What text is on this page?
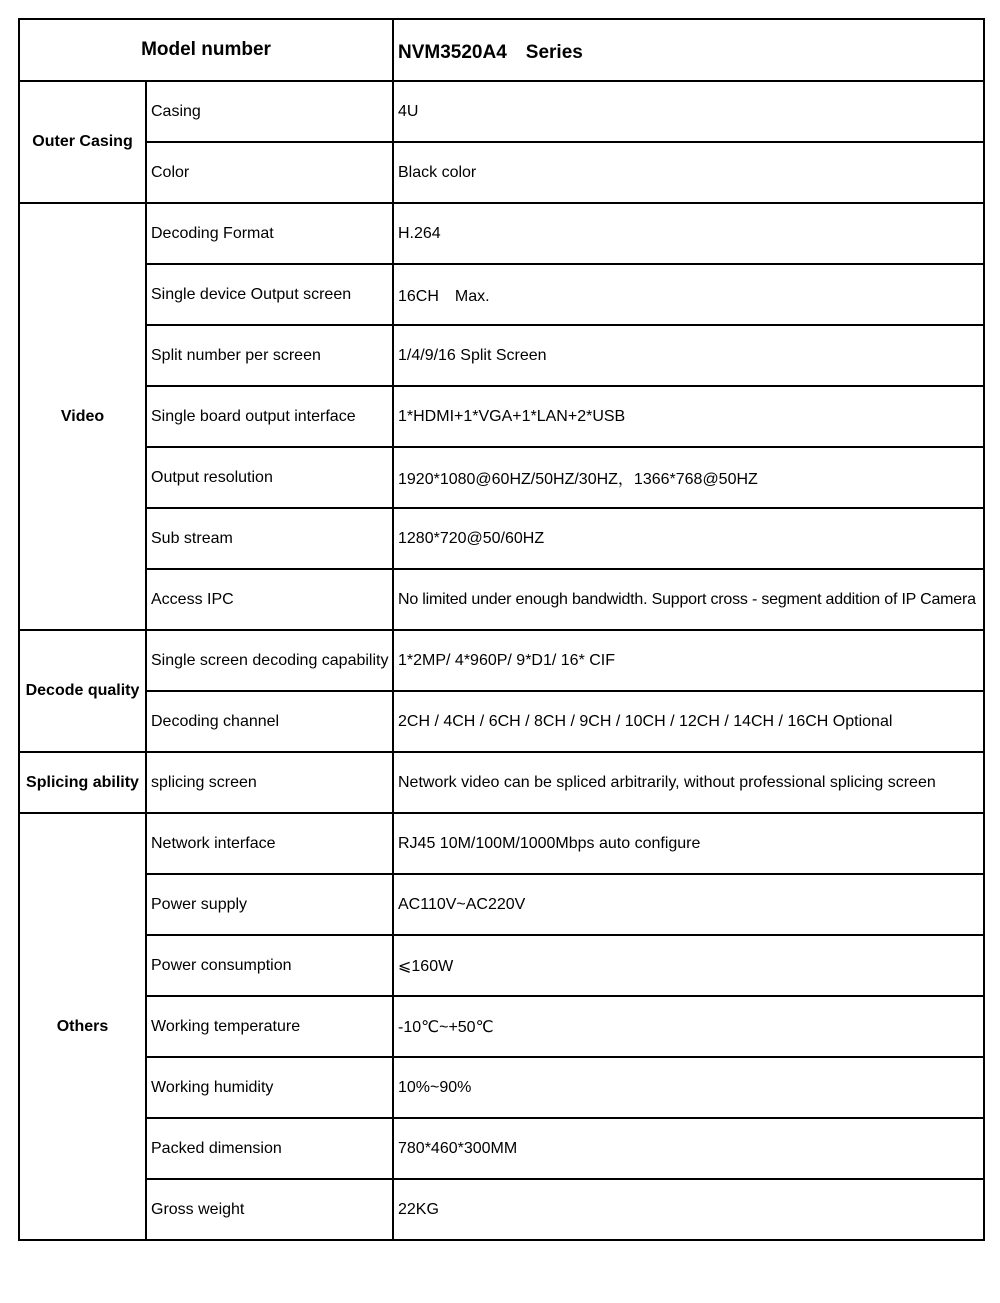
Model number		NVM3520A4　Series
Outer Casing	Casing	4U
	Color	Black color
Video	Decoding Format	H.264
	Single device Output screen	16CH　Max.
	Split number per screen	1/4/9/16 Split Screen
	Single board output interface	1*HDMI+1*VGA+1*LAN+2*USB
	Output resolution	1920*1080@60HZ/50HZ/30HZ，1366*768@50HZ
	Sub stream	1280*720@50/60HZ
	Access IPC	No limited under enough bandwidth. Support cross - segment addition of IP Camera
Decode quality	Single screen decoding capability	1*2MP/ 4*960P/ 9*D1/ 16* CIF
	Decoding channel	2CH / 4CH / 6CH / 8CH / 9CH / 10CH / 12CH / 14CH / 16CH Optional
Splicing ability	splicing screen	Network video can be spliced arbitrarily, without professional splicing screen
Others	Network interface	RJ45 10M/100M/1000Mbps auto configure
	Power supply	AC110V~AC220V
	Power consumption	⩽160W
	Working temperature	-10℃~+50℃
	Working humidity	10%~90%
	Packed dimension	780*460*300MM
	Gross weight	22KG
